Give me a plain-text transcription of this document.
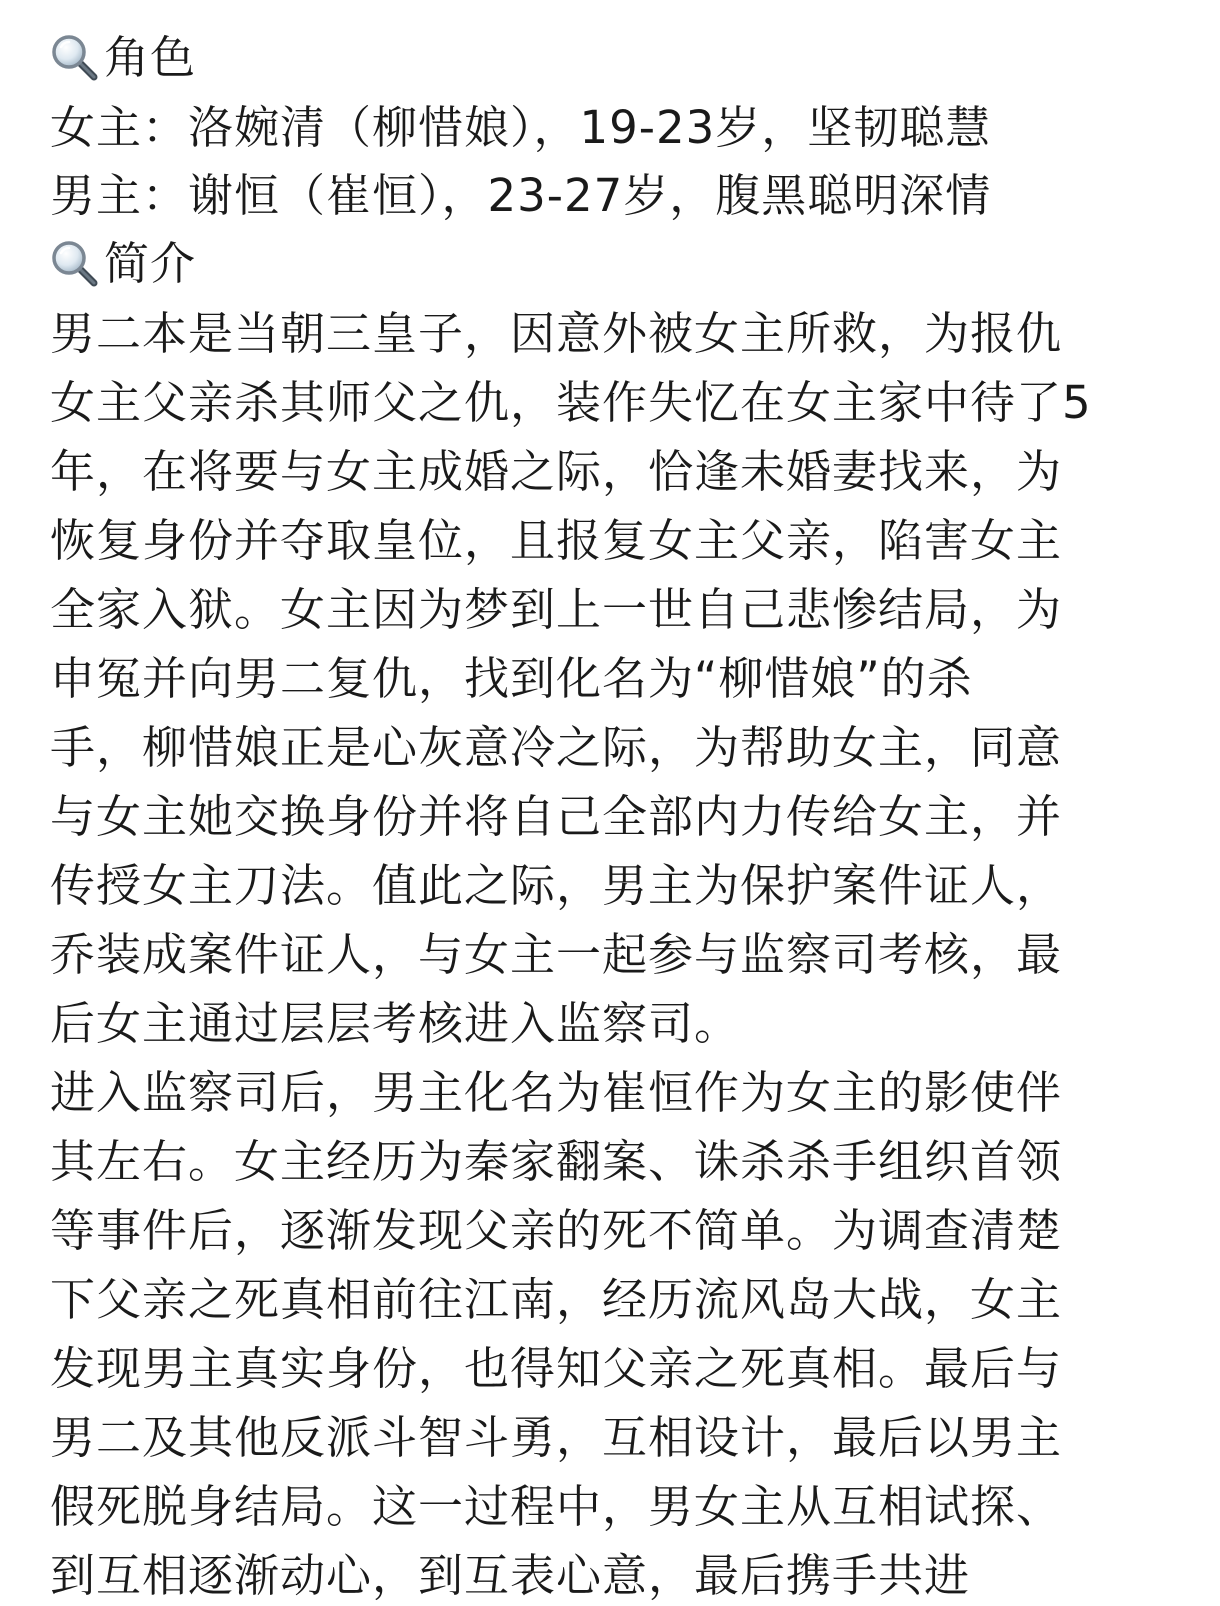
角色
女主：洛婉清（柳惜娘），19-23岁，坚韧聪慧
男主：谢恒（崔恒），23-27岁，腹黑聪明深情
简介
男二本是当朝三皇子，因意外被女主所救，为报仇
女主父亲杀其师父之仇，装作失忆在女主家中待了5
年，在将要与女主成婚之际，恰逢未婚妻找来，为
恢复身份并夺取皇位，且报复女主父亲，陷害女主
全家入狱。女主因为梦到上一世自己悲惨结局，为
申冤并向男二复仇，找到化名为“柳惜娘”的杀
手，柳惜娘正是心灰意冷之际，为帮助女主，同意
与女主她交换身份并将自己全部内力传给女主，并
传授女主刀法。值此之际，男主为保护案件证人，
乔装成案件证人，与女主一起参与监察司考核，最
后女主通过层层考核进入监察司。
进入监察司后，男主化名为崔恒作为女主的影使伴
其左右。女主经历为秦家翻案、诛杀杀手组织首领
等事件后，逐渐发现父亲的死不简单。为调查清楚
下父亲之死真相前往江南，经历流风岛大战，女主
发现男主真实身份，也得知父亲之死真相。最后与
男二及其他反派斗智斗勇，互相设计，最后以男主
假死脱身结局。这一过程中，男女主从互相试探、
到互相逐渐动心，到互表心意，最后携手共进
